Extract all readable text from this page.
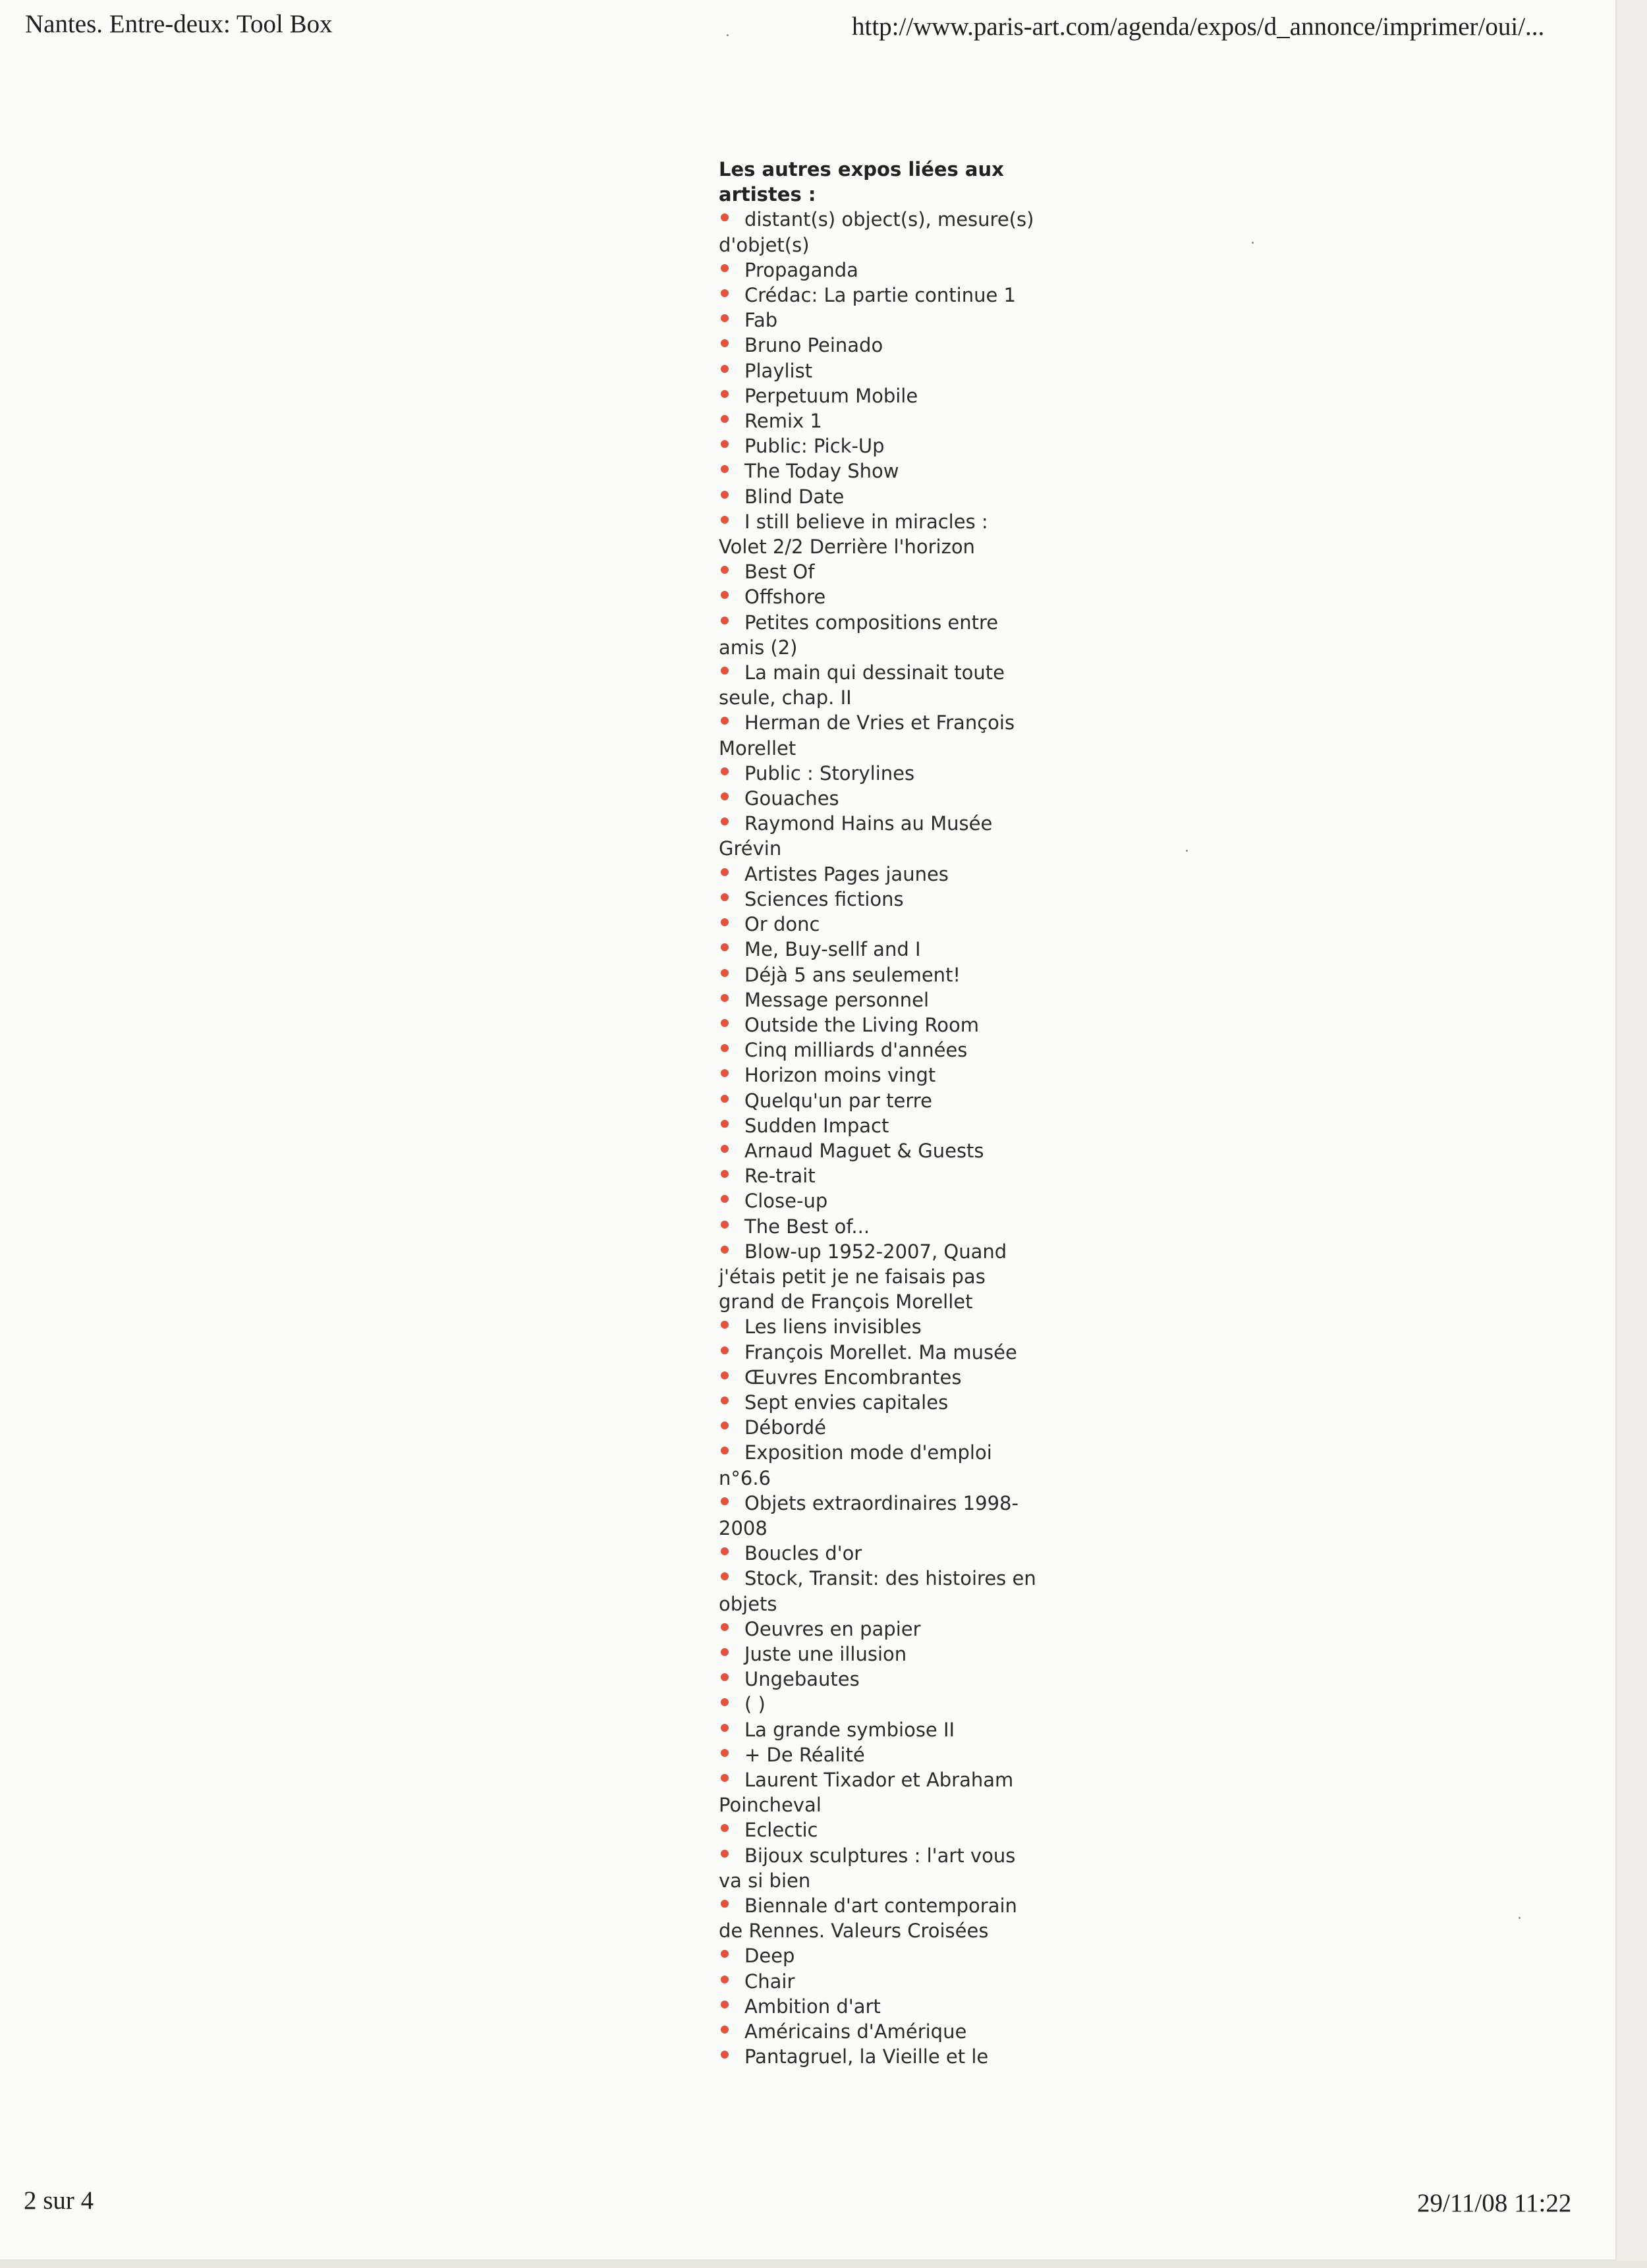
Nantes. Entre-deux: Tool Box	http://www.paris-art.com/agenda/expos/d_annonce/imprimer/oui/...
Les autres expos liées aux artistes :
distant(s) object(s), mesure(s) d'objet(s)
Propaganda
Crédac: La partie continue 1
Fab
Bruno Peinado
Playlist
Perpetuum Mobile
Remix 1
Public: Pick-Up
The Today Show
Blind Date
I still believe in miracles : Volet 2/2 Derrière l'horizon
Best Of
Offshore
Petites compositions entre amis (2)
La main qui dessinait toute seule, chap. II
Herman de Vries et François Morellet
Public : Storylines
Gouaches
Raymond Hains au Musée Grévin
Artistes Pages jaunes
Sciences fictions
Or donc
Me, Buy-sellf and I
Déjà 5 ans seulement!
Message personnel
Outside the Living Room
Cinq milliards d'années
Horizon moins vingt
Quelqu'un par terre
Sudden Impact
Arnaud Maguet & Guests
Re-trait
Close-up
The Best of...
Blow-up 1952-2007, Quand j'étais petit je ne faisais pas grand de François Morellet
Les liens invisibles
François Morellet. Ma musée
Œuvres Encombrantes
Sept envies capitales
Débordé
Exposition mode d'emploi n°6.6
Objets extraordinaires 1998-2008
Boucles d'or
Stock, Transit: des histoires en objets
Oeuvres en papier
Juste une illusion
Ungebautes
( )
La grande symbiose II
+ De Réalité
Laurent Tixador et Abraham Poincheval
Eclectic
Bijoux sculptures : l'art vous va si bien
Biennale d'art contemporain de Rennes. Valeurs Croisées
Deep
Chair
Ambition d'art
Américains d'Amérique
Pantagruel, la Vieille et le
2 sur 4	29/11/08 11:22
